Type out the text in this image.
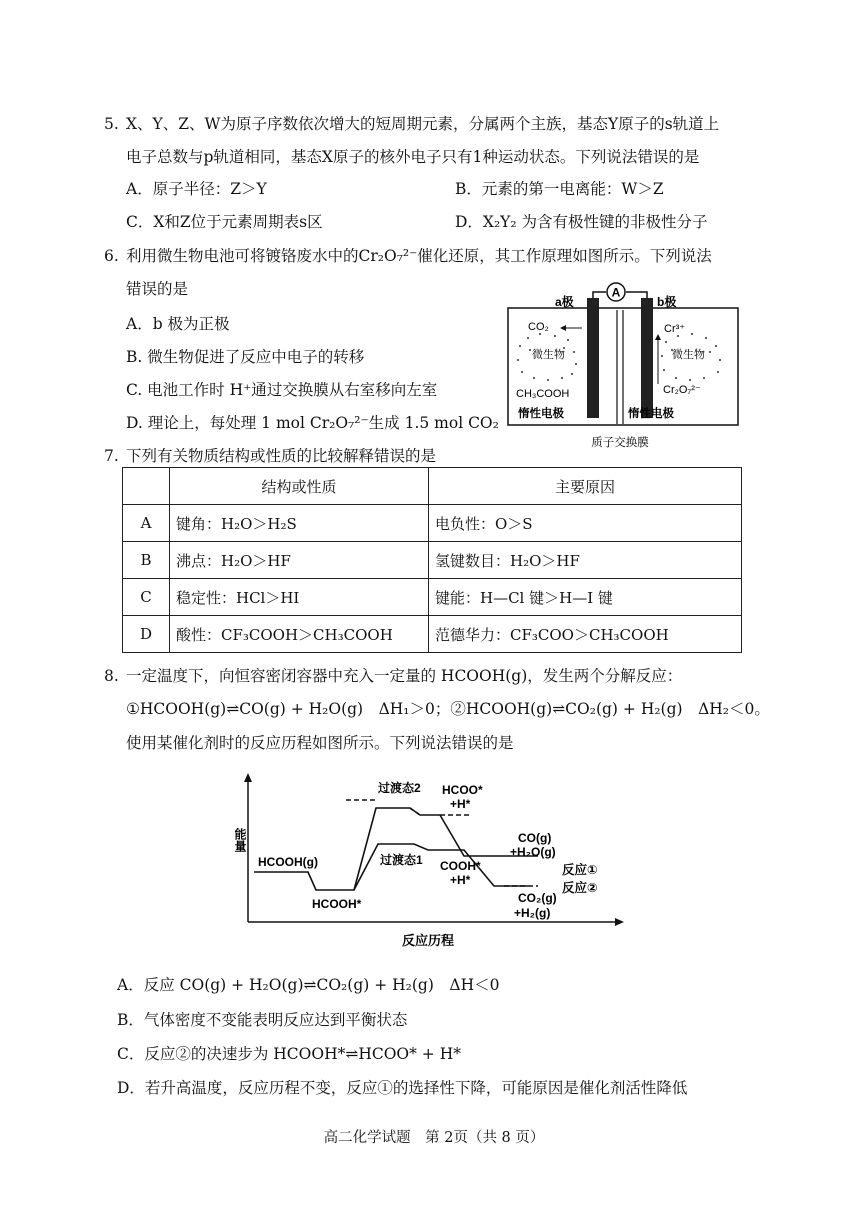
5. X、Y、Z、W为原子序数依次增大的短周期元素，分属两个主族，基态Y原子的s轨道上
电子总数与p轨道相同，基态X原子的核外电子只有1种运动状态。下列说法错误的是
A．原子半径：Z＞Y	B．元素的第一电离能：W＞Z
C．X和Z位于元素周期表s区	D．X₂Y₂ 为含有极性键的非极性分子
6. 利用微生物电池可将镀铬废水中的Cr₂O₇²⁻催化还原，其工作原理如图所示。下列说法
错误的是
A．b 极为正极
B. 微生物促进了反应中电子的转移
C. 电池工作时 H⁺通过交换膜从右室移向左室
D. 理论上，每处理 1 mol Cr₂O₇²⁻生成 1.5 mol CO₂
A
a极	b极
CO₂
微生物
CH₃COOH
Cr³⁺
微生物
Cr₂O₇²⁻
惰性电极	惰性电极
质子交换膜
7. 下列有关物质结构或性质的比较解释错误的是
	结构或性质	主要原因
A	键角：H₂O＞H₂S	电负性：O＞S
B	沸点：H₂O＞HF	氢键数目：H₂O＞HF
C	稳定性：HCl＞HI	键能：H—Cl 键＞H—I 键
D	酸性：CF₃COOH＞CH₃COOH	范德华力：CF₃COO＞CH₃COOH
8. 一定温度下，向恒容密闭容器中充入一定量的 HCOOH(g)，发生两个分解反应：
①HCOOH(g)⇌CO(g) + H₂O(g)　ΔH₁＞0；②HCOOH(g)⇌CO₂(g) + H₂(g)　ΔH₂＜0。
使用某催化剂时的反应历程如图所示。下列说法错误的是
能量
反应历程
HCOOH(g)
HCOOH*
过渡态2 HCOO*
+H*
过渡态1 COOH*
+H*
CO(g)
+H₂O(g)
CO₂(g)
+H₂(g)
反应①
反应②
A．反应 CO(g) + H₂O(g)⇌CO₂(g) + H₂(g)　ΔH＜0
B．气体密度不变能表明反应达到平衡状态
C．反应②的决速步为 HCOOH*⇌HCOO* + H*
D．若升高温度，反应历程不变，反应①的选择性下降，可能原因是催化剂活性降低
高二化学试题　第 2页（共 8 页）
